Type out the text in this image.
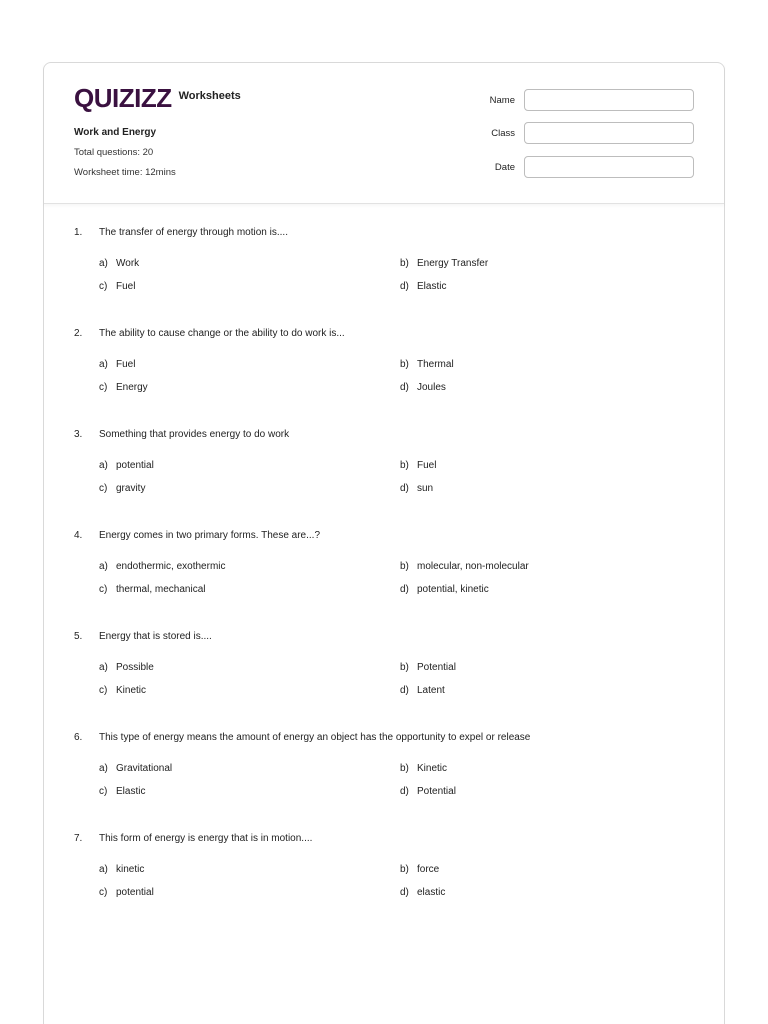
QUIZIZZ Worksheets
Work and Energy
Total questions: 20
Worksheet time: 12mins
Name
Class
Date
1.	The transfer of energy through motion is....
a) Work	b) Energy Transfer
c) Fuel	d) Elastic
2.	The ability to cause change or the ability to do work is...
a) Fuel	b) Thermal
c) Energy	d) Joules
3.	Something that provides energy to do work
a) potential	b) Fuel
c) gravity	d) sun
4.	Energy comes in two primary forms. These are...?
a) endothermic, exothermic	b) molecular, non-molecular
c) thermal, mechanical	d) potential, kinetic
5.	Energy that is stored is....
a) Possible	b) Potential
c) Kinetic	d) Latent
6.	This type of energy means the amount of energy an object has the opportunity to expel or release
a) Gravitational	b) Kinetic
c) Elastic	d) Potential
7.	This form of energy is energy that is in motion....
a) kinetic	b) force
c) potential	d) elastic
